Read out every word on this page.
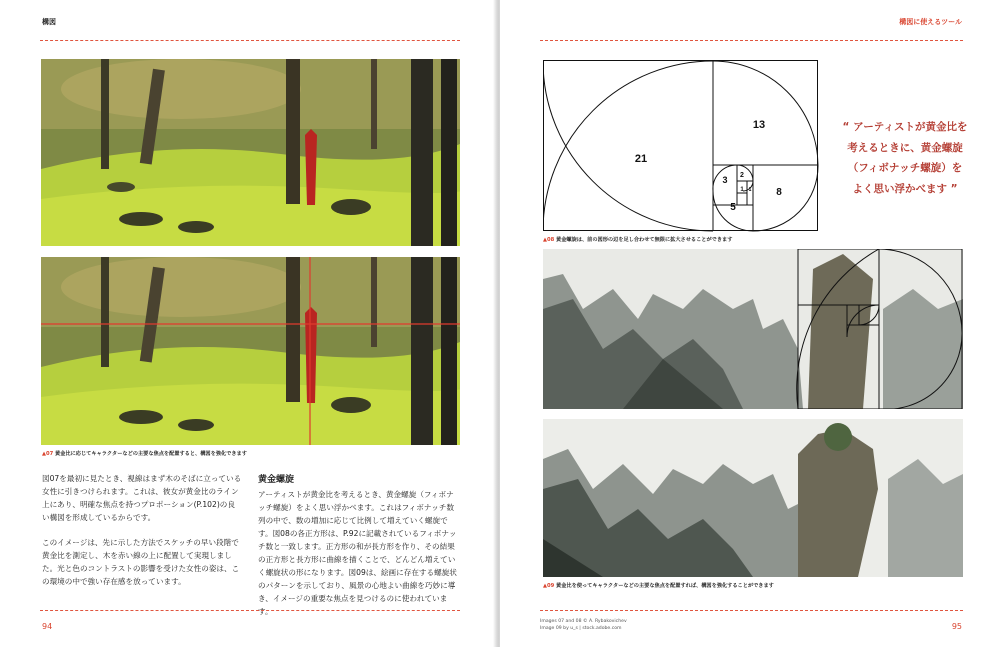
構図
▲07 黄金比に応じてキャラクターなどの主要な焦点を配置すると、構図を強化できます

図07を最初に見たとき、視線はまず木のそばに立っている女性に引きつけられます。これは、彼女が黄金比のライン上にあり、明確な焦点を持つプロポーション(P.102)の良い構図を形成しているからです。

このイメージは、先に示した方法でスケッチの早い段階で黄金比を測定し、木を赤い線の上に配置して実現しました。光と色のコントラストの影響を受けた女性の姿は、この環境の中で強い存在感を放っています。

黄金螺旋

アーティストが黄金比を考えるとき、黄金螺旋（フィボナッチ螺旋）をよく思い浮かべます。これはフィボナッチ数列の中で、数の増加に応じて比例して増えていく螺旋です。図08の各正方形は、P.92に記載されているフィボナッチ数と一致します。正方形の和が長方形を作り、その結果の正方形と長方形に曲線を描くことで、どんどん増えていく螺旋状の形になります。図09は、絵画に存在する螺旋状のパターンを示しており、風景の心地よい曲線を巧妙に導き、イメージの重要な焦点を見つけるのに使われています。

94
構図に使えるツール
95
21
13
8
5
3 2
1 1
▲08 黄金螺旋は、前の図形の辺を足し合わせて無限に拡大させることができます
“ アーティストが黄金比を
考えるときに、黄金螺旋
（フィボナッチ螺旋）を
よく思い浮かべます ”
▲09 黄金比を使ってキャラクターなどの主要な焦点を配置すれば、構図を強化することができます
Images 07 and 08 © A. Rybakovichev
Image 09 by u_s | stock.adobe.com
